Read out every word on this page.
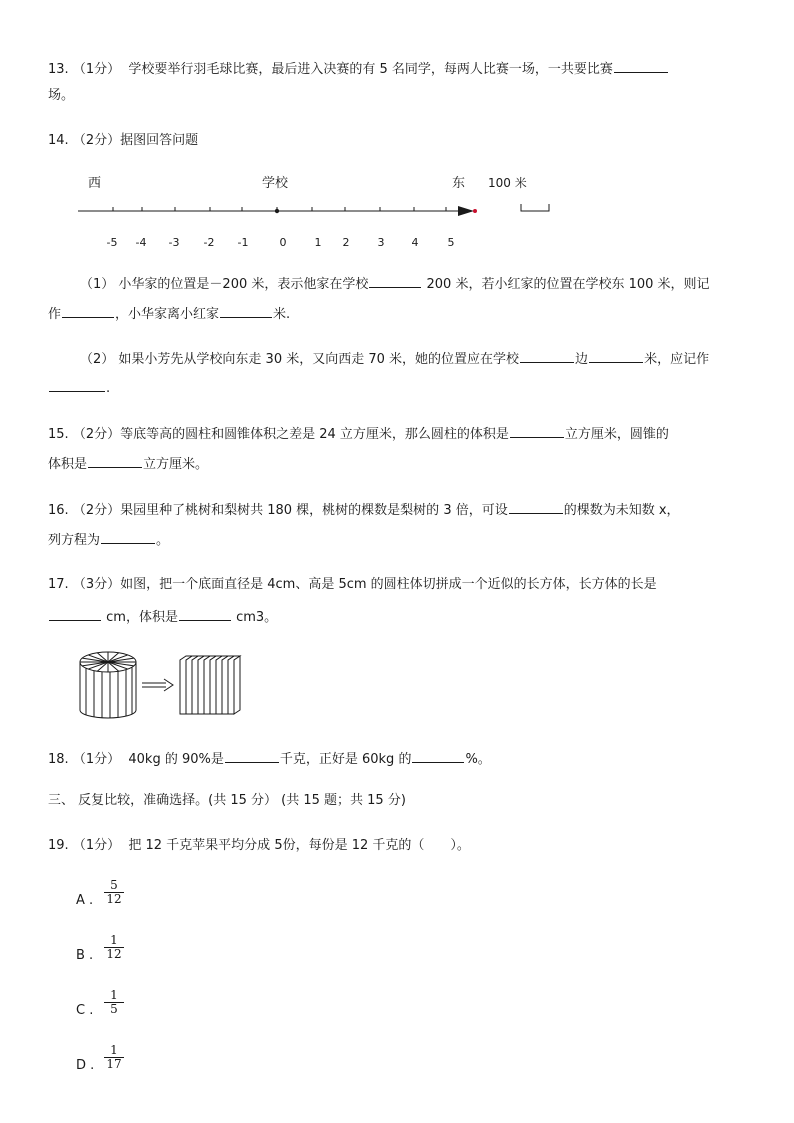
13. （1分） 学校要举行羽毛球比赛，最后进入决赛的有 5 名同学，每两人比赛一场，一共要比赛
场。
14. （2分）据图回答问题
西	学校	东 100 米
-5 -4 -3 -2 -1	0	1 2	3 4	5
（1） 小华家的位置是－200 米，表示他家在学校	200 米，若小红家的位置在学校东 100 米，则记
作	，小华家离小红家	米.
（2） 如果小芳先从学校向东走 30 米，又向西走 70 米，她的位置应在学校	边	米，应记作
.
15. （2分）等底等高的圆柱和圆锥体积之差是 24 立方厘米，那么圆柱的体积是	立方厘米，圆锥的
体积是	立方厘米。
16. （2分）果园里种了桃树和梨树共 180 棵，桃树的棵数是梨树的 3 倍，可设	的棵数为未知数 x，
列方程为	。
17. （3分）如图，把一个底面直径是 4cm、高是 5cm 的圆柱体切拼成一个近似的长方体，长方体的长是
cm，体积是	cm3。
18. （1分） 40kg 的 90%是	千克，正好是 60kg 的	%。
三、 反复比较，准确选择。(共 15 分） (共 15 题；共 15 分)
19. （1分） 把 12 千克苹果平均分成 5份，每份是 12 千克的（　　）。
A . $\frac{5}{12}$
B . $\frac{1}{12}$
C . $\frac{1}{5}$
D . $\frac{1}{17}$
